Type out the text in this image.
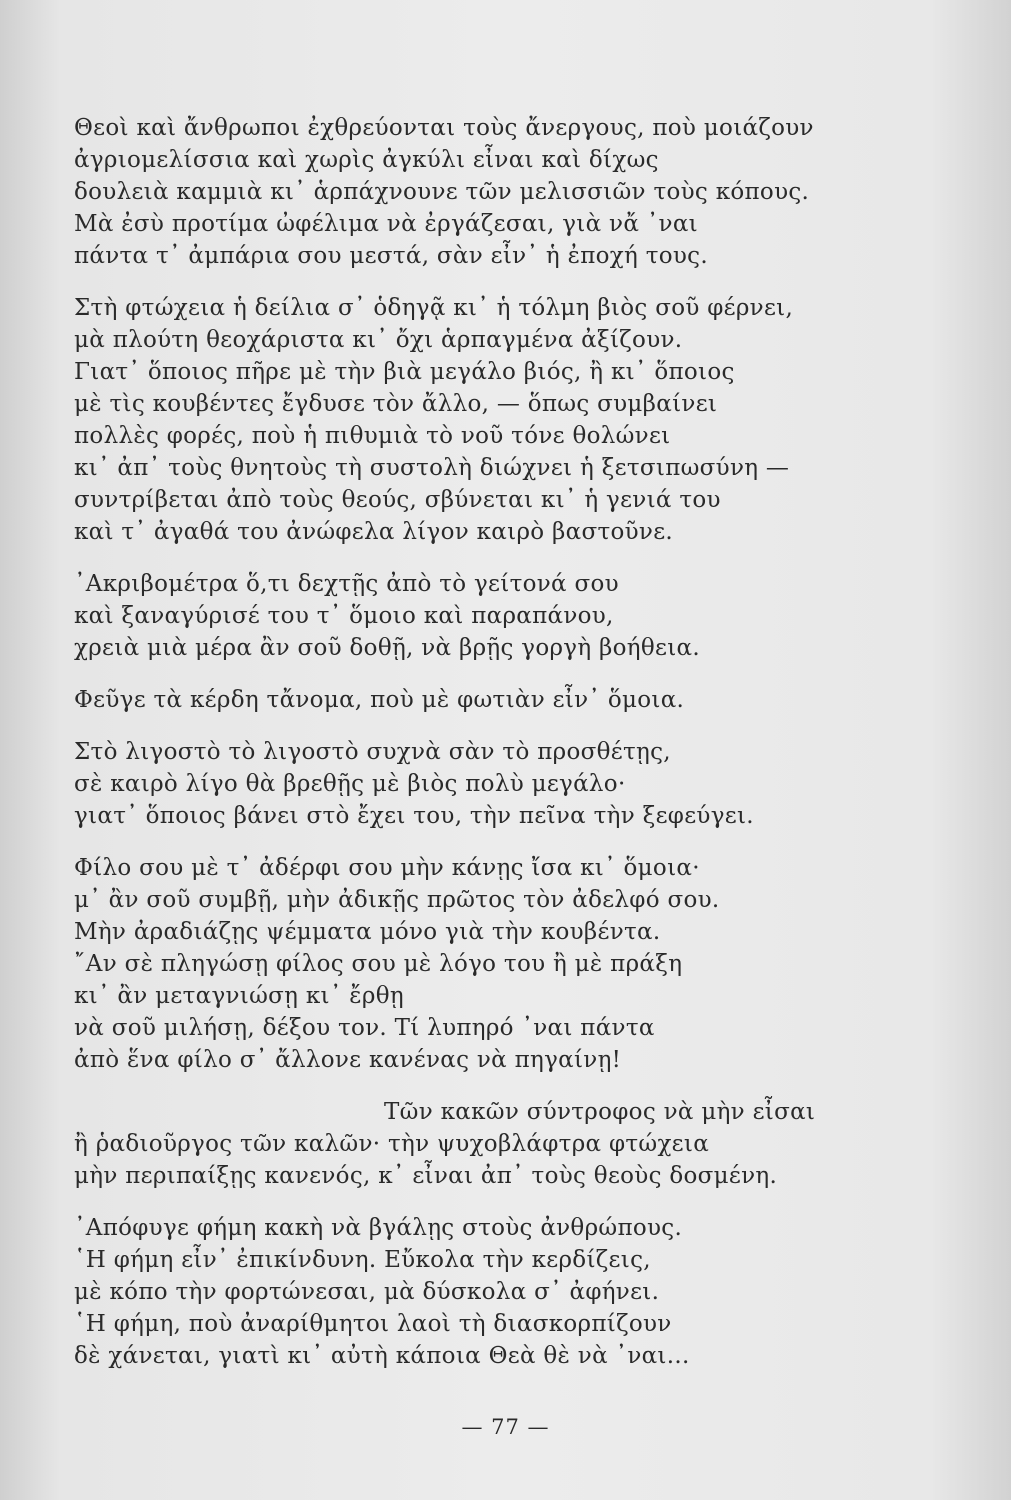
Θεοὶ καὶ ἄνθρωποι ἐχθρεύονται τοὺς ἄνεργους, ποὺ μοιάζουν
ἀγριομελίσσια καὶ χωρὶς ἀγκύλι εἶναι καὶ δίχως
δουλειὰ καμμιὰ κι᾿ ἁρπάχνουνε τῶν μελισσιῶν τοὺς κόπους.
Μὰ ἐσὺ προτίμα ὠφέλιμα νὰ ἐργάζεσαι, γιὰ νἄ ᾿ναι
πάντα τ᾿ ἀμπάρια σου μεστά, σὰν εἶν᾿ ἡ ἐποχή τους.
Στὴ φτώχεια ἡ δείλια σ᾿ ὁδηγᾷ κι᾿ ἡ τόλμη βιὸς σοῦ φέρνει,
μὰ πλούτη θεοχάριστα κι᾿ ὄχι ἁρπαγμένα ἀξίζουν.
Γιατ᾿ ὅποιος πῆρε μὲ τὴν βιὰ μεγάλο βιός, ἢ κι᾿ ὅποιος
μὲ τὶς κουβέντες ἔγδυσε τὸν ἄλλο, — ὅπως συμβαίνει
πολλὲς φορές, ποὺ ἡ πιθυμιὰ τὸ νοῦ τόνε θολώνει
κι᾿ ἀπ᾿ τοὺς θνητοὺς τὴ συστολὴ διώχνει ἡ ξετσιπωσύνη —
συντρίβεται ἀπὸ τοὺς θεούς, σβύνεται κι᾿ ἡ γενιά του
καὶ τ᾿ ἀγαθά του ἀνώφελα λίγον καιρὸ βαστοῦνε.
᾿Ακριβομέτρα ὅ,τι δεχτῇς ἀπὸ τὸ γείτονά σου
καὶ ξαναγύρισέ του τ᾿ ὅμοιο καὶ παραπάνου,
χρειὰ μιὰ μέρα ἂν σοῦ δοθῇ, νὰ βρῇς γοργὴ βοήθεια.
Φεῦγε τὰ κέρδη τἄνομα, ποὺ μὲ φωτιὰν εἶν᾿ ὅμοια.
Στὸ λιγοστὸ τὸ λιγοστὸ συχνὰ σὰν τὸ προσθέτῃς,
σὲ καιρὸ λίγο θὰ βρεθῇς μὲ βιὸς πολὺ μεγάλο·
γιατ᾿ ὅποιος βάνει στὸ ἔχει του, τὴν πεῖνα τὴν ξεφεύγει.
Φίλο σου μὲ τ᾿ ἀδέρφι σου μὴν κάνῃς ἴσα κι᾿ ὅμοια·
μ᾿ ἂν σοῦ συμβῇ, μὴν ἀδικῇς πρῶτος τὸν ἀδελφό σου.
Μὴν ἀραδιάζῃς ψέμματα μόνο γιὰ τὴν κουβέντα.
῎Αν σὲ πληγώσῃ φίλος σου μὲ λόγο του ἢ μὲ πράξη
κι᾿ ἂν μεταγνιώσῃ κι᾿ ἔρθῃ
νὰ σοῦ μιλήσῃ, δέξου τον. Τί λυπηρό ᾿ναι πάντα
ἀπὸ ἕνα φίλο σ᾿ ἄλλονε κανένας νὰ πηγαίνῃ!
Τῶν κακῶν σύντροφος νὰ μὴν εἶσαι
ἢ ῥαδιοῦργος τῶν καλῶν· τὴν ψυχοβλάφτρα φτώχεια
μὴν περιπαίξῃς κανενός, κ᾿ εἶναι ἀπ᾿ τοὺς θεοὺς δοσμένη.
᾿Απόφυγε φήμη κακὴ νὰ βγάλῃς στοὺς ἀνθρώπους.
῾Η φήμη εἶν᾿ ἐπικίνδυνη. Εὔκολα τὴν κερδίζεις,
μὲ κόπο τὴν φορτώνεσαι, μὰ δύσκολα σ᾿ ἀφήνει.
῾Η φήμη, ποὺ ἀναρίθμητοι λαοὶ τὴ διασκορπίζουν
δὲ χάνεται, γιατὶ κι᾿ αὐτὴ κάποια Θεὰ θὲ νὰ ᾿ναι...
— 77 —
